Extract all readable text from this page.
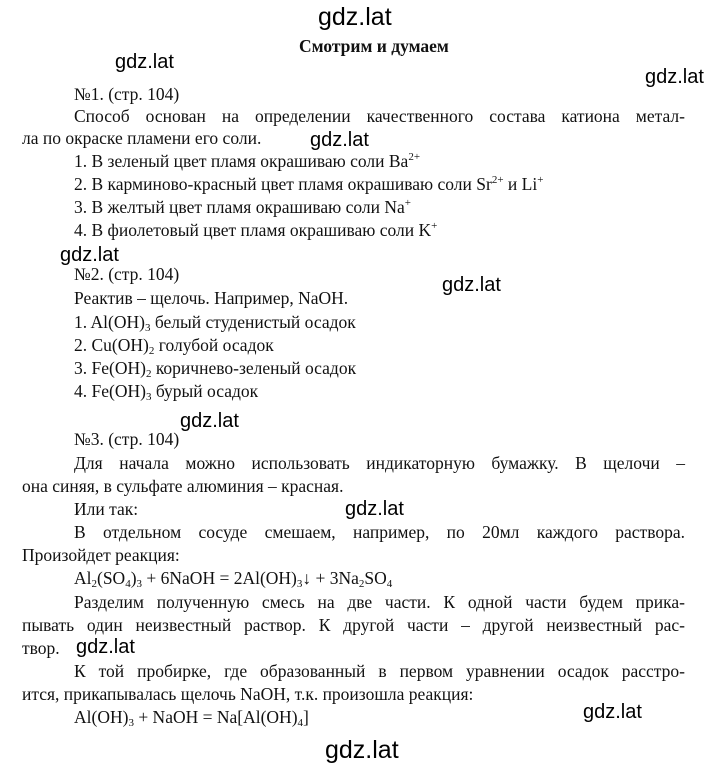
gdz.lat
gdz.lat
gdz.lat
gdz.lat
gdz.lat
gdz.lat
gdz.lat
gdz.lat
gdz.lat
gdz.lat
gdz.lat
Смотрим и думаем
№1. (стр. 104)
Способ основан на определении качественного состава катиона метал-
ла по окраске пламени его соли.
1. В зеленый цвет пламя окрашиваю соли $Ba^{2+}$
2. В карминово-красный цвет пламя окрашиваю соли $Sr^{2+}$ и Li+
3. В желтый цвет пламя окрашиваю соли Na+
4. В фиолетовый цвет пламя окрашиваю соли K+
№2. (стр. 104)
Реактив – щелочь. Например, NaOH.
1. $Al(OH)_3$ белый студенистый осадок
2. $Cu(OH)_2$ голубой осадок
3. $Fe(OH)_2$ коричнево-зеленый осадок
4. $Fe(OH)_3$ бурый осадок
№3. (стр. 104)
Для начала можно использовать индикаторную бумажку. В щелочи –
она синяя, в сульфате алюминия – красная.
Или так:
В отдельном сосуде смешаем, например, по 20мл каждого раствора.
Произойдет реакция:
$Al_2(SO_4)_3$ + 6NaOH = $2Al(OH)_3↓ + 3Na_2SO_4$
Разделим полученную смесь на две части. К одной части будем прика-
пывать один неизвестный раствор. К другой части – другой неизвестный рас-
твор.
К той пробирке, где образованный в первом уравнении осадок расстро-
ится, прикапывалась щелочь NaOH, т.к. произошла реакция:
$Al(OH)_3$ + NaOH = $Na[Al(OH)_4]$
